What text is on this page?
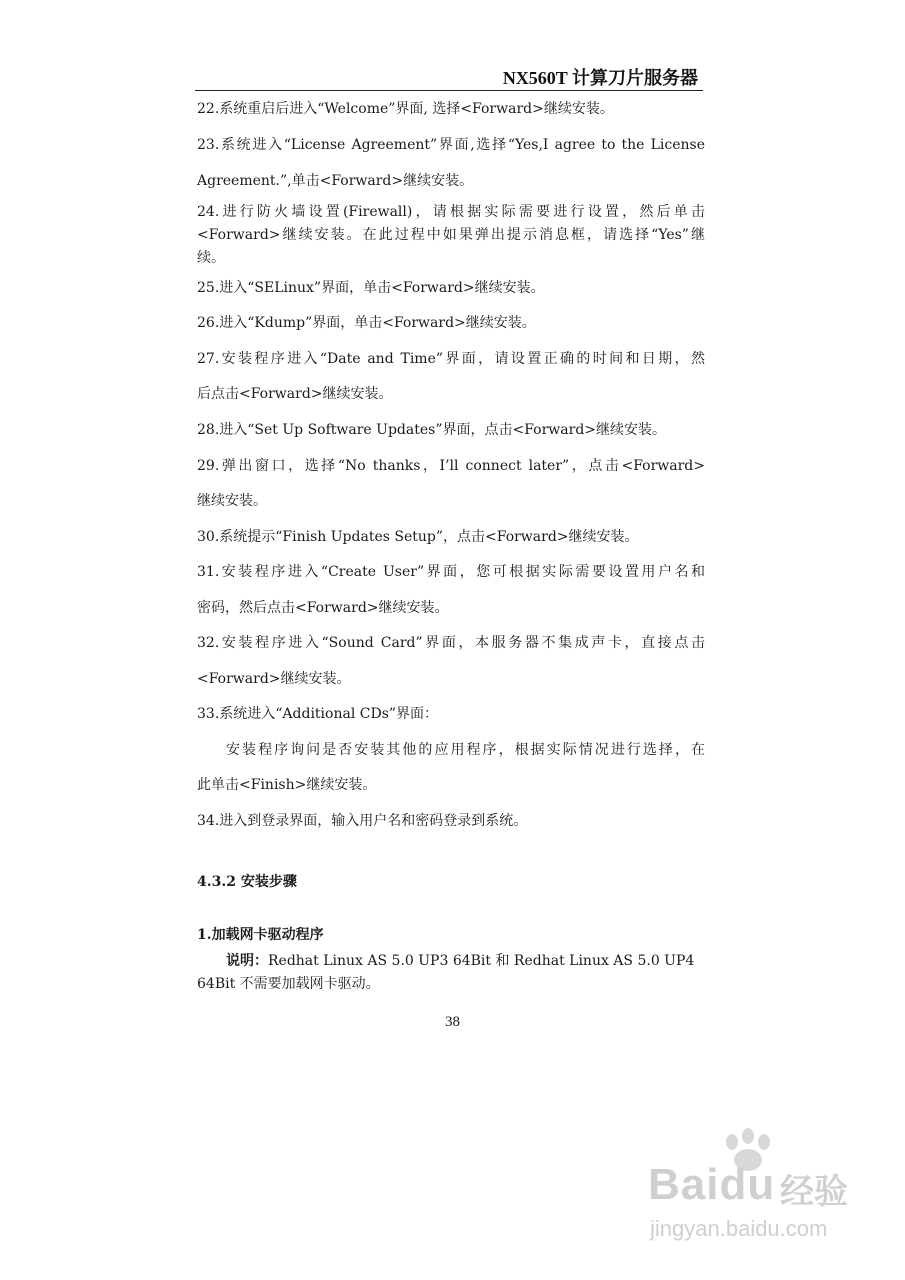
NX560T 计算刀片服务器
22.系统重启后进入“Welcome”界面, 选择<Forward>继续安装。
23.系统进入“License Agreement”界面,选择“Yes,I agree to the License
Agreement.”,单击<Forward>继续安装。
24.进行防火墙设置(Firewall)，请根据实际需要进行设置，然后单击
<Forward>继续安装。在此过程中如果弹出提示消息框，请选择“Yes”继
续。
25.进入“SELinux”界面，单击<Forward>继续安装。
26.进入“Kdump”界面，单击<Forward>继续安装。
27.安装程序进入“Date and Time”界面，请设置正确的时间和日期，然
后点击<Forward>继续安装。
28.进入“Set Up Software Updates”界面，点击<Forward>继续安装。
29.弹出窗口，选择“No thanks，I’ll connect later”，点击<Forward>
继续安装。
30.系统提示“Finish Updates Setup”，点击<Forward>继续安装。
31.安装程序进入“Create User”界面，您可根据实际需要设置用户名和
密码，然后点击<Forward>继续安装。
32.安装程序进入“Sound Card”界面，本服务器不集成声卡，直接点击
<Forward>继续安装。
33.系统进入“Additional CDs”界面：
安装程序询问是否安装其他的应用程序，根据实际情况进行选择，在
此单击<Finish>继续安装。
34.进入到登录界面，输入用户名和密码登录到系统。
4.3.2 安装步骤
1.加载网卡驱动程序
说明：Redhat Linux AS 5.0 UP3 64Bit 和 Redhat Linux AS 5.0 UP4
64Bit 不需要加载网卡驱动。
38
Baidu 经验
jingyan.baidu.com
